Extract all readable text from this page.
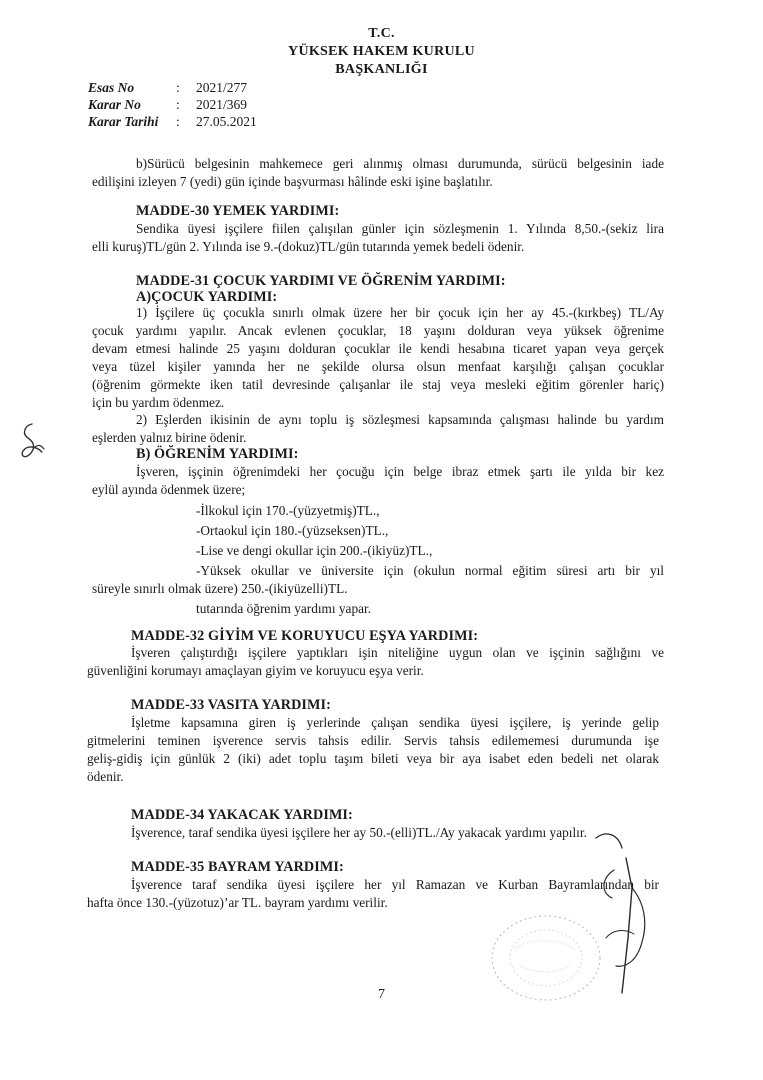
T.C.
YÜKSEK HAKEM KURULU
BAŞKANLIĞI
Esas No	: 2021/277
Karar No	: 2021/369
Karar Tarihi : 27.05.2021
b)Sürücü belgesinin mahkemece geri alınmış olması durumunda, sürücü belgesinin iade
edilişini izleyen 7 (yedi) gün içinde başvurması hâlinde eski işine başlatılır.
MADDE-30 YEMEK YARDIMI:
Sendika üyesi işçilere fiilen çalışılan günler için sözleşmenin 1. Yılında 8,50.-(sekiz lira
elli kuruş)TL/gün 2. Yılında ise 9.-(dokuz)TL/gün tutarında yemek bedeli ödenir.
MADDE-31 ÇOCUK YARDIMI VE ÖĞRENİM YARDIMI:
A)ÇOCUK YARDIMI:
1) İşçilere üç çocukla sınırlı olmak üzere her bir çocuk için her ay 45.-(kırkbeş) TL/Ay
çocuk yardımı yapılır. Ancak evlenen çocuklar, 18 yaşını dolduran veya yüksek öğrenime
devam etmesi halinde 25 yaşını dolduran çocuklar ile kendi hesabına ticaret yapan veya gerçek
veya tüzel kişiler yanında her ne şekilde olursa olsun menfaat karşılığı çalışan çocuklar
(öğrenim görmekte iken tatil devresinde çalışanlar ile staj veya mesleki eğitim görenler hariç)
için bu yardım ödenmez.
2) Eşlerden ikisinin de aynı toplu iş sözleşmesi kapsamında çalışması halinde bu yardım
eşlerden yalnız birine ödenir.
B) ÖĞRENİM YARDIMI:
İşveren, işçinin öğrenimdeki her çocuğu için belge ibraz etmek şartı ile yılda bir kez
eylül ayında ödenmek üzere;
-İlkokul için 170.-(yüzyetmiş)TL.,
-Ortaokul için 180.-(yüzseksen)TL.,
-Lise ve dengi okullar için 200.-(ikiyüz)TL.,
-Yüksek okullar ve üniversite için (okulun normal eğitim süresi artı bir yıl
süreyle sınırlı olmak üzere) 250.-(ikiyüzelli)TL.
tutarında öğrenim yardımı yapar.
MADDE-32 GİYİM VE KORUYUCU EŞYA YARDIMI:
İşveren çalıştırdığı işçilere yaptıkları işin niteliğine uygun olan ve işçinin sağlığını ve
güvenliğini korumayı amaçlayan giyim ve koruyucu eşya verir.
MADDE-33 VASITA YARDIMI:
İşletme kapsamına giren iş yerlerinde çalışan sendika üyesi işçilere, iş yerinde gelip
gitmelerini teminen işverence servis tahsis edilir. Servis tahsis edilememesi durumunda işe
geliş-gidiş için günlük 2 (iki) adet toplu taşım bileti veya bir aya isabet eden bedeli net olarak
ödenir.
MADDE-34 YAKACAK YARDIMI:
İşverence, taraf sendika üyesi işçilere her ay 50.-(elli)TL./Ay yakacak yardımı yapılır.
MADDE-35 BAYRAM YARDIMI:
İşverence taraf sendika üyesi işçilere her yıl Ramazan ve Kurban Bayramlarından bir
hafta önce 130.-(yüzotuz)’ar TL. bayram yardımı verilir.
7
